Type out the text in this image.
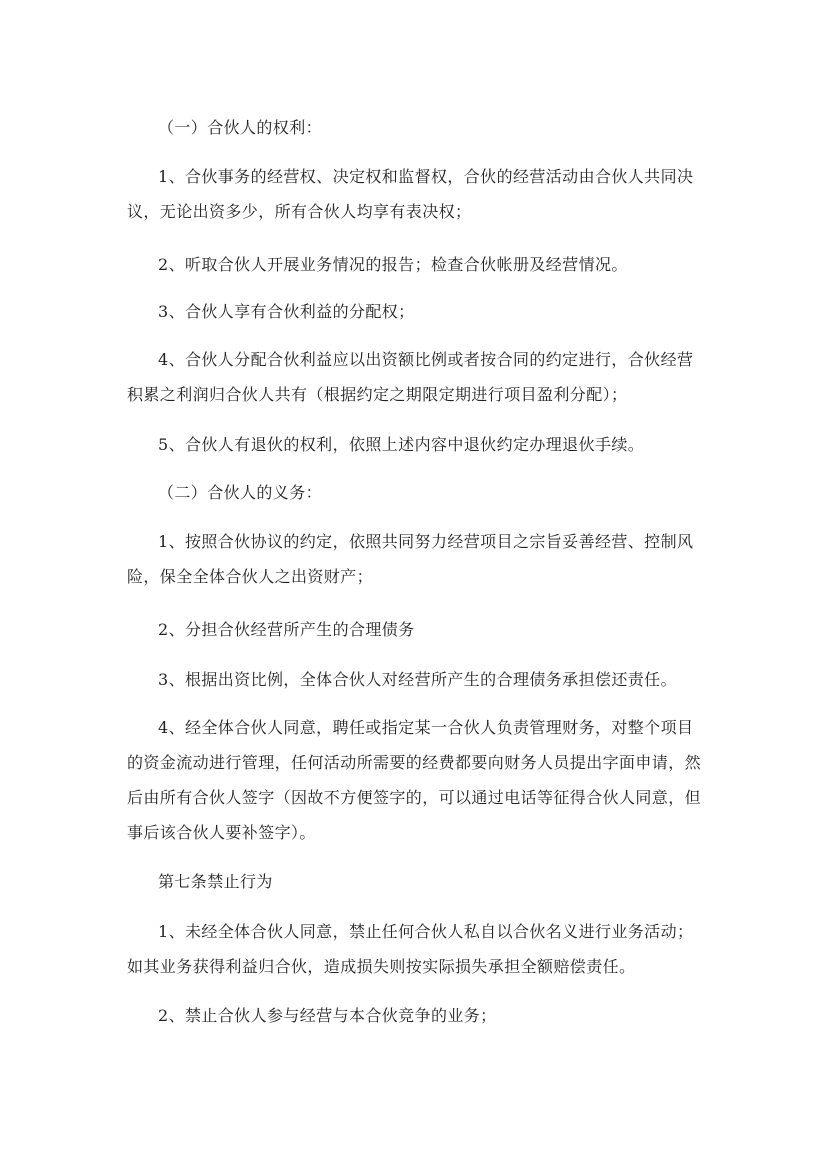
（一）合伙人的权利：
1、合伙事务的经营权、决定权和监督权，合伙的经营活动由合伙人共同决
议，无论出资多少，所有合伙人均享有表决权；
2、听取合伙人开展业务情况的报告；检查合伙帐册及经营情况。
3、合伙人享有合伙利益的分配权；
4、合伙人分配合伙利益应以出资额比例或者按合同的约定进行，合伙经营
积累之利润归合伙人共有（根据约定之期限定期进行项目盈利分配）；
5、合伙人有退伙的权利，依照上述内容中退伙约定办理退伙手续。
（二）合伙人的义务：
1、按照合伙协议的约定，依照共同努力经营项目之宗旨妥善经营、控制风
险，保全全体合伙人之出资财产；
2、分担合伙经营所产生的合理债务
3、根据出资比例，全体合伙人对经营所产生的合理债务承担偿还责任。
4、经全体合伙人同意，聘任或指定某一合伙人负责管理财务，对整个项目
的资金流动进行管理，任何活动所需要的经费都要向财务人员提出字面申请，然
后由所有合伙人签字（因故不方便签字的，可以通过电话等征得合伙人同意，但
事后该合伙人要补签字）。
第七条禁止行为
1、未经全体合伙人同意，禁止任何合伙人私自以合伙名义进行业务活动；
如其业务获得利益归合伙，造成损失则按实际损失承担全额赔偿责任。
2、禁止合伙人参与经营与本合伙竞争的业务；
